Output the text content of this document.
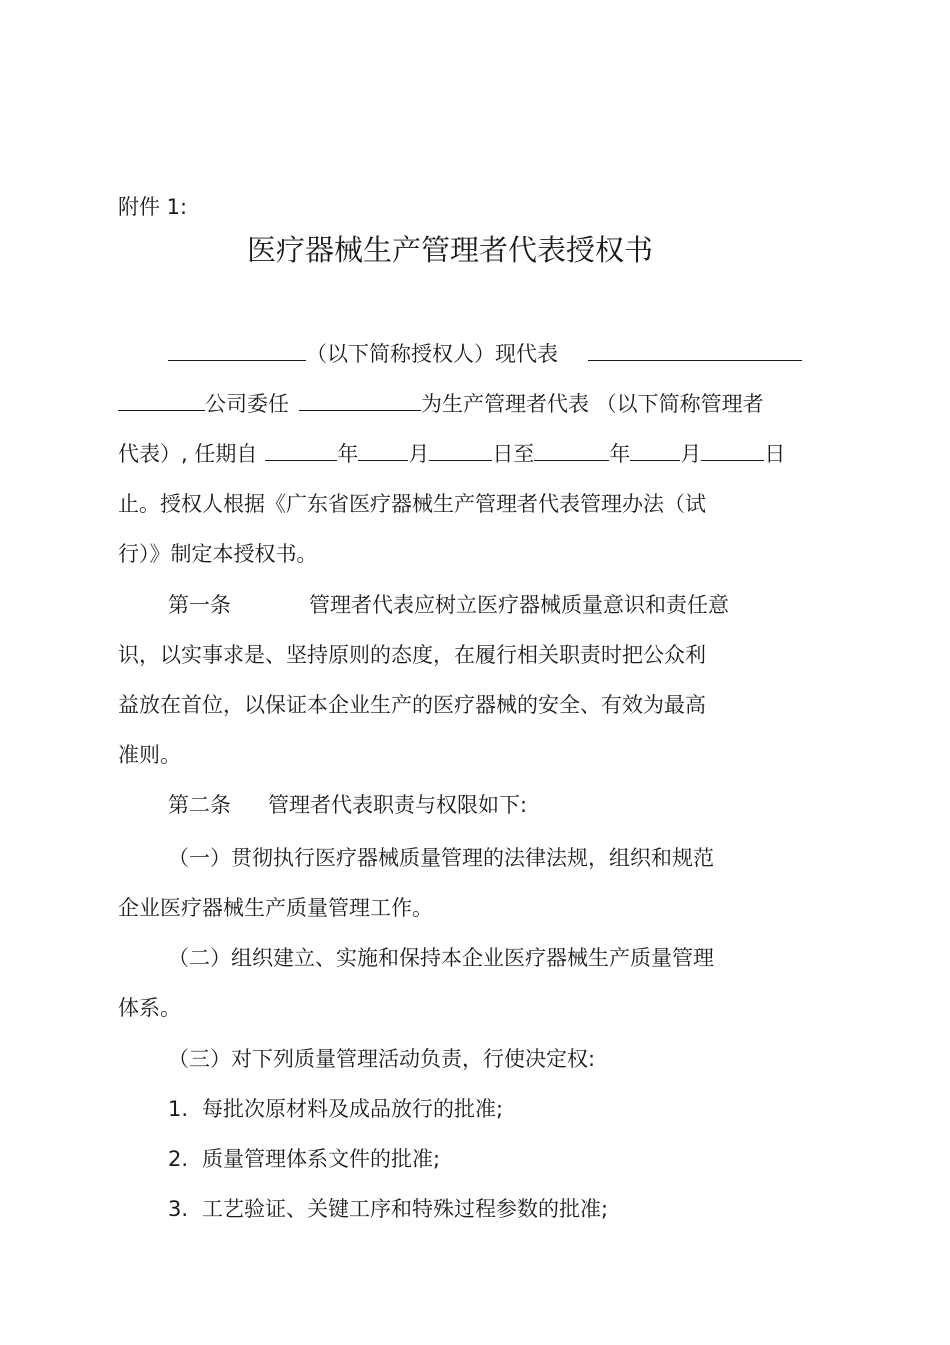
附件 1:

医疗器械生产管理者代表授权书

（以下简称授权人）现代表

公司委任	为生产管理者代表 （以下简称管理者

代表）, 任期自	年 月	日至	年 月	日

止。授权人根据《广东省医疗器械生产管理者代表管理办法（试

行）》制定本授权书。

第一条	管理者代表应树立医疗器械质量意识和责任意

识，以实事求是、坚持原则的态度，在履行相关职责时把公众利

益放在首位，以保证本企业生产的医疗器械的安全、有效为最高

准则。

第二条 管理者代表职责与权限如下:

（一）贯彻执行医疗器械质量管理的法律法规，组织和规范

企业医疗器械生产质量管理工作。

（二）组织建立、实施和保持本企业医疗器械生产质量管理

体系。

（三）对下列质量管理活动负责，行使决定权:

1. 每批次原材料及成品放行的批准;

2. 质量管理体系文件的批准;

3. 工艺验证、关键工序和特殊过程参数的批准;
